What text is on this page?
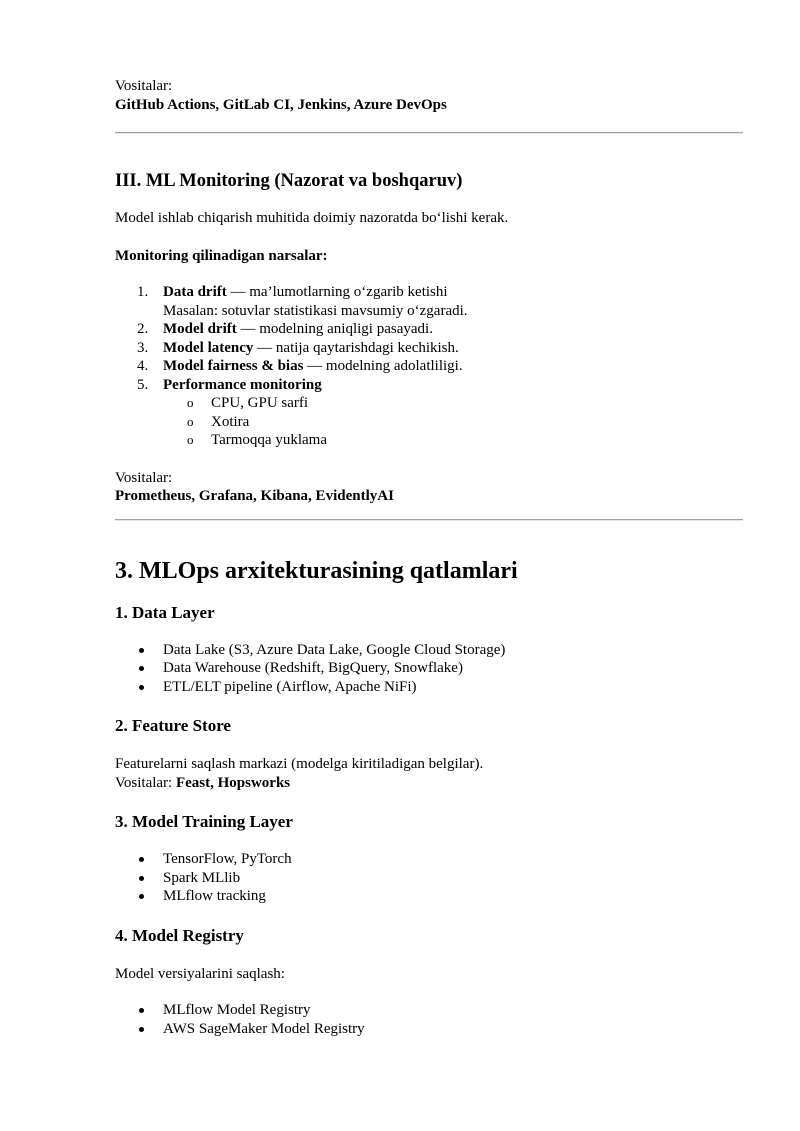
Vositalar:

GitHub Actions, GitLab CI, Jenkins, Azure DevOps

III. ML Monitoring (Nazorat va boshqaruv)

Model ishlab chiqarish muhitida doimiy nazoratda bo‘lishi kerak.

Monitoring qilinadigan narsalar:

1. Data drift — ma’lumotlarning o‘zgarib ketishi
Masalan: sotuvlar statistikasi mavsumiy o‘zgaradi.
2. Model drift — modelning aniqligi pasayadi.
3. Model latency — natija qaytarishdagi kechikish.
4. Model fairness & bias — modelning adolatliligi.
5. Performance monitoring
o CPU, GPU sarfi
o Xotira
o Tarmoqqa yuklama

Vositalar:

Prometheus, Grafana, Kibana, EvidentlyAI

3. MLOps arxitekturasining qatlamlari
1. Data Layer
Data Lake (S3, Azure Data Lake, Google Cloud Storage)
Data Warehouse (Redshift, BigQuery, Snowflake)
ETL/ELT pipeline (Airflow, Apache NiFi)
2. Feature Store

Featurelarni saqlash markazi (modelga kiritiladigan belgilar).

Vositalar: Feast, Hopsworks

3. Model Training Layer
TensorFlow, PyTorch
Spark MLlib
MLflow tracking
4. Model Registry

Model versiyalarini saqlash:

MLflow Model Registry
AWS SageMaker Model Registry
